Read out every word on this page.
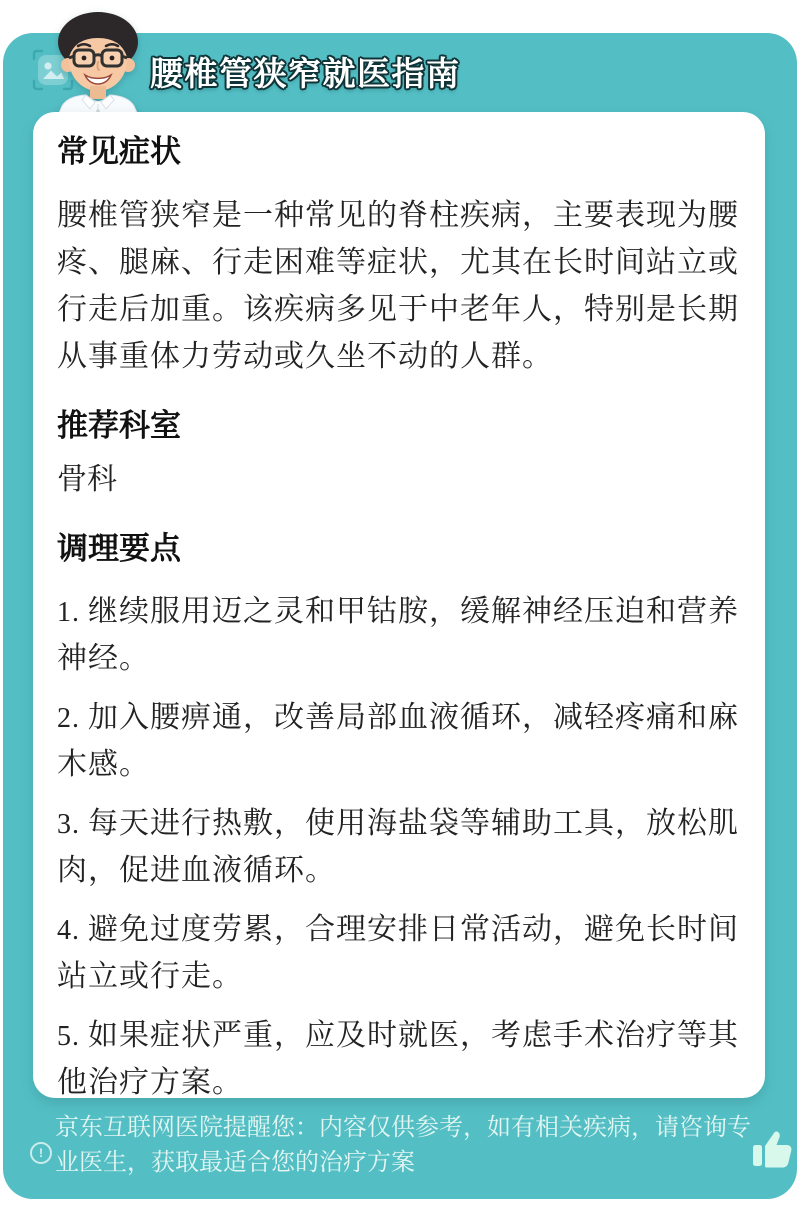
腰椎管狭窄就医指南
常见症状

腰椎管狭窄是一种常见的脊柱疾病，主要表现为腰疼、腿麻、行走困难等症状，尤其在长时间站立或行走后加重。该疾病多见于中老年人，特别是长期从事重体力劳动或久坐不动的人群。

推荐科室

骨科

调理要点

1. 继续服用迈之灵和甲钴胺，缓解神经压迫和营养神经。

2. 加入腰痹通，改善局部血液循环，减轻疼痛和麻木感。

3. 每天进行热敷，使用海盐袋等辅助工具，放松肌肉，促进血液循环。

4. 避免过度劳累，合理安排日常活动，避免长时间站立或行走。

5. 如果症状严重，应及时就医，考虑手术治疗等其他治疗方案。

!

京东互联网医院提醒您：内容仅供参考，如有相关疾病，请咨询专业医生，获取最适合您的治疗方案
